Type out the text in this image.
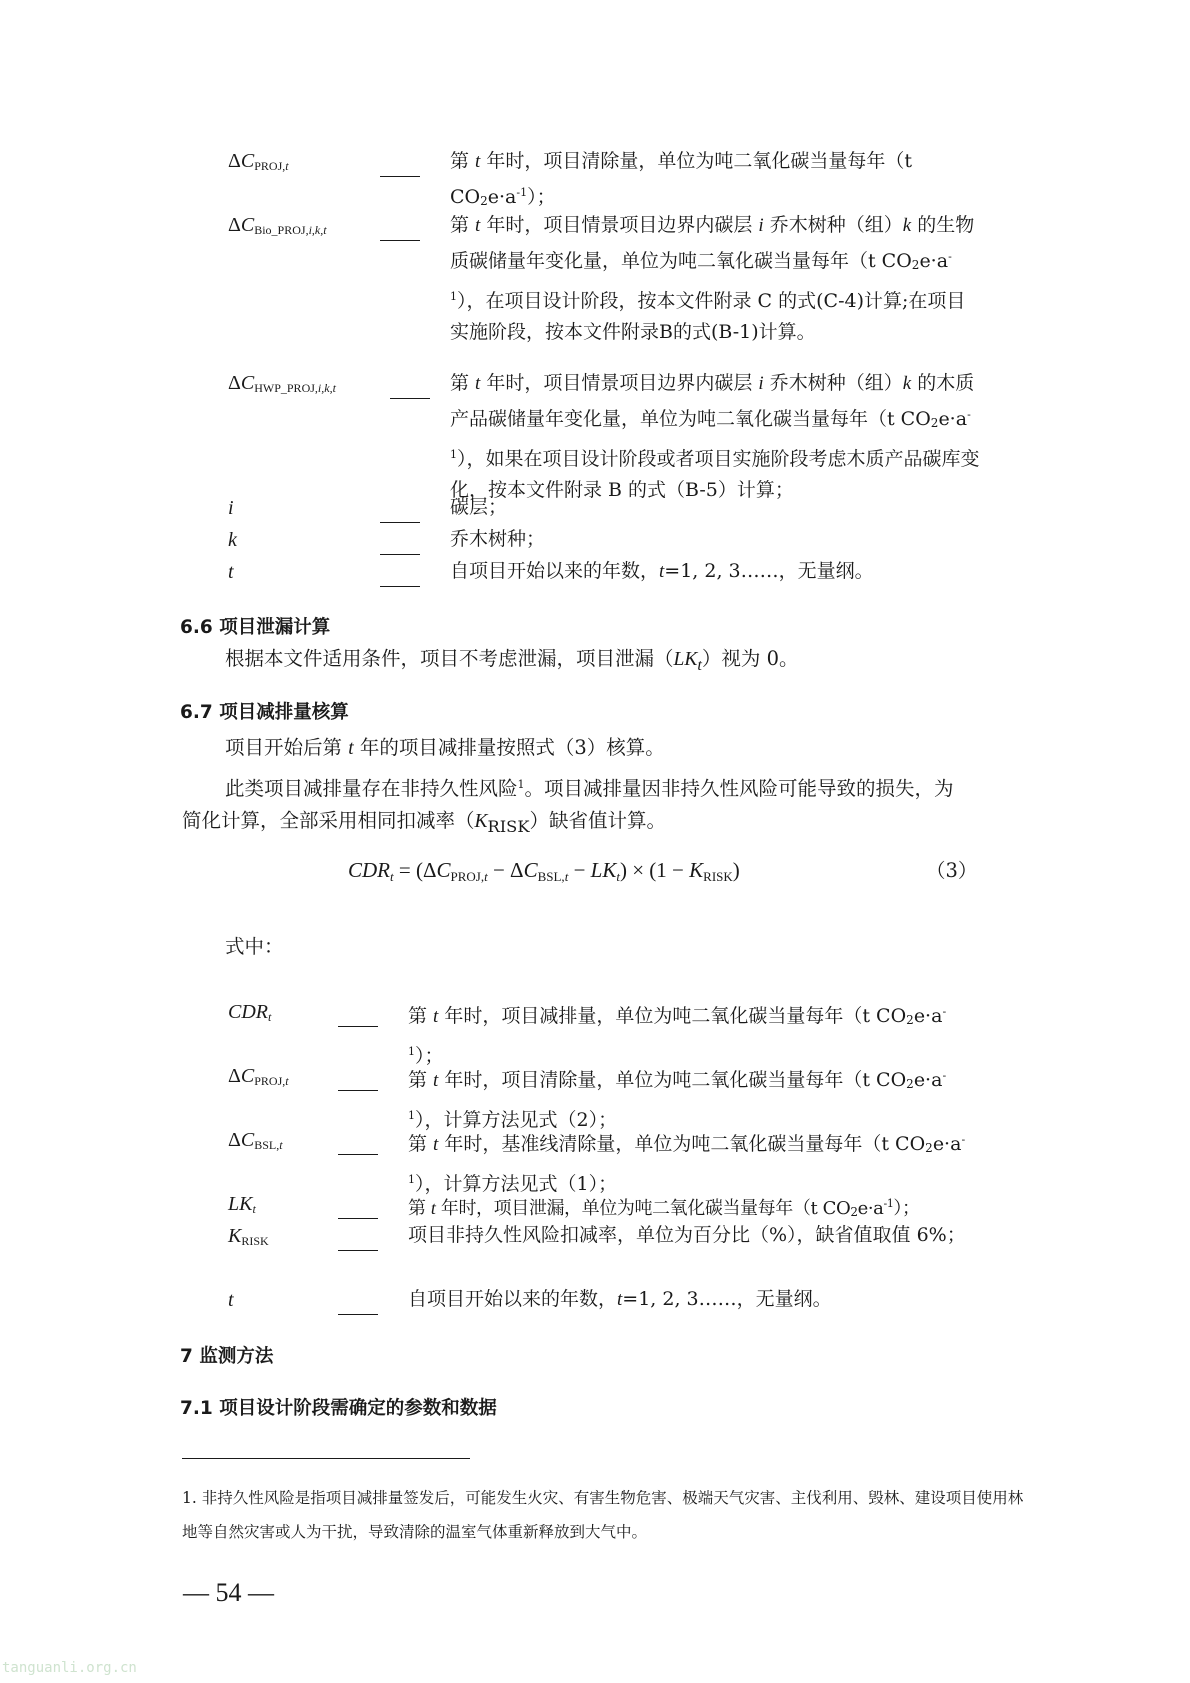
$\Delta C_{PROJ,t}$	第 t 年时，项目清除量，单位为吨二氧化碳当量每年（t $CO_2e\cdot a^{-1}$）；
$\Delta C_{Bio\_PROJ,i,k,t}$	第 t 年时，项目情景项目边界内碳层 i 乔木树种（组）k 的生物质碳储量年变化量，单位为吨二氧化碳当量每年（t $CO_2e\cdot a^{-1}$），在项目设计阶段，按本文件附录 C 的式(C-4)计算;在项目实施阶段，按本文件附录B的式(B-1)计算。
$\Delta C_{HWP\_PROJ,i,k,t}$	第 t 年时，项目情景项目边界内碳层 i 乔木树种（组）k 的木质产品碳储量年变化量，单位为吨二氧化碳当量每年（t $CO_2e\cdot a^{-1}$），如果在项目设计阶段或者项目实施阶段考虑木质产品碳库变化，按本文件附录 B 的式（B-5）计算；
i	碳层；
k	乔木树种；
t	自项目开始以来的年数，t=1, 2, 3……，无量纲。
6.6 项目泄漏计算
根据本文件适用条件，项目不考虑泄漏，项目泄漏$(LK_t)$视为 0。
6.7 项目减排量核算
项目开始后第 t 年的项目减排量按照式（3）核算。
此类项目减排量存在非持久性风险$^1$。项目减排量因非持久性风险可能导致的损失，为
简化计算，全部采用相同扣减率$(K_{RISK})$缺省值计算。
$CDR_t = (\Delta C_{PROJ,t} - \Delta C_{BSL,t} - LK_t) \times (1 - K_{RISK})$	（3）
式中：
$CDR_t$	第 t 年时，项目减排量，单位为吨二氧化碳当量每年（t $CO_2e\cdot a^{-1}$）；
$\Delta C_{PROJ,t}$	第 t 年时，项目清除量，单位为吨二氧化碳当量每年（t $CO_2e\cdot a^{-1}$），计算方法见式（2）；
$\Delta C_{BSL,t}$	第 t 年时，基准线清除量，单位为吨二氧化碳当量每年（t $CO_2e\cdot a^{-1}$），计算方法见式（1）；
$LK_t$	第 t 年时，项目泄漏，单位为吨二氧化碳当量每年（t $CO_2e\cdot a^{-1}$）；
$K_{RISK}$	项目非持久性风险扣减率，单位为百分比（%），缺省值取值 6%；
t	自项目开始以来的年数，t=1, 2, 3……，无量纲。
7 监测方法
7.1 项目设计阶段需确定的参数和数据
1. 非持久性风险是指项目减排量签发后，可能发生火灾、有害生物危害、极端天气灾害、主伐利用、毁林、建设项目使用林地等自然灾害或人为干扰，导致清除的温室气体重新释放到大气中。
— 54 —
tanguanli.org.cn
